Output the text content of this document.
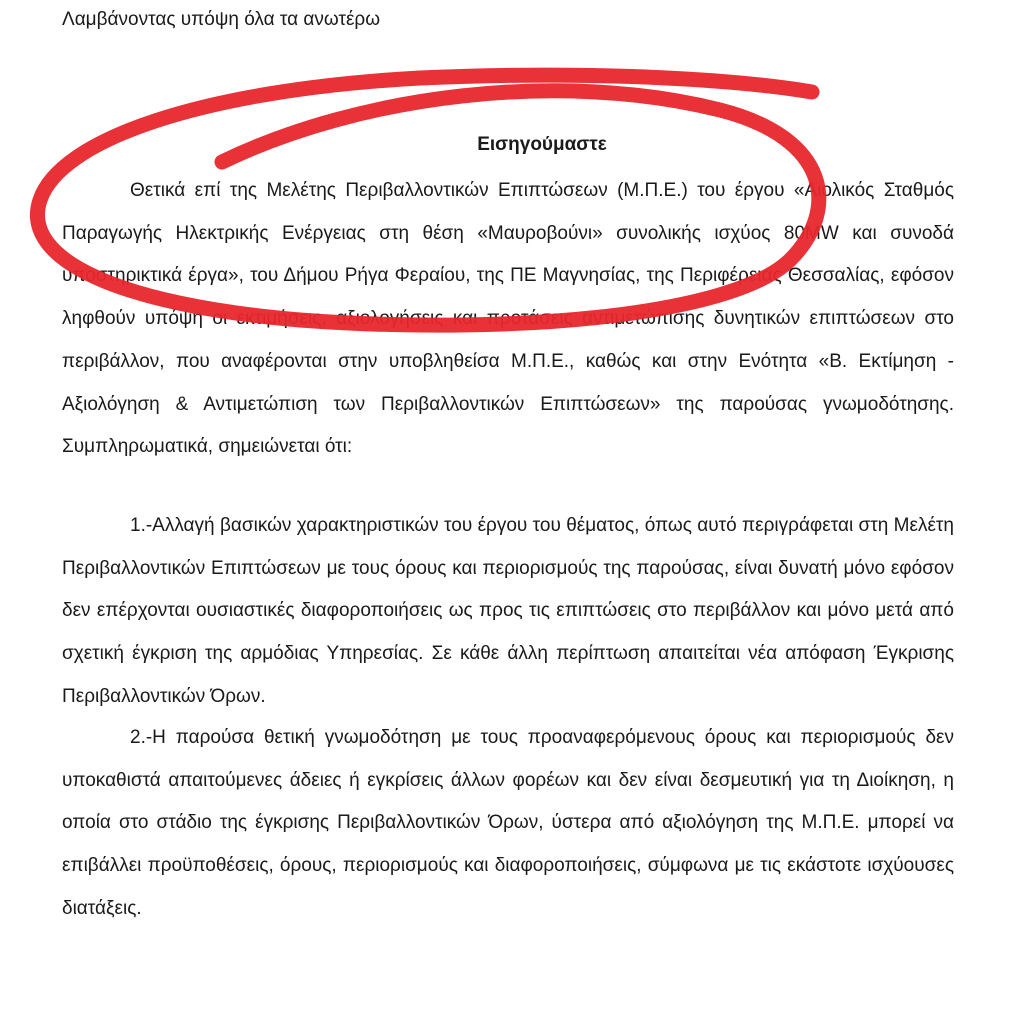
Λαμβάνοντας υπόψη όλα τα ανωτέρω
Εισηγούμαστε

Θετικά επί της Μελέτης Περιβαλλοντικών Επιπτώσεων (Μ.Π.Ε.) του έργου «Αιολικός Σταθμός Παραγωγής Ηλεκτρικής Ενέργειας στη θέση «Μαυροβούνι» συνολικής ισχύος 80MW και συνοδά υποστηρικτικά έργα», του Δήμου Ρήγα Φεραίου, της ΠΕ Μαγνησίας, της Περιφέρειας Θεσσαλίας, εφόσον ληφθούν υπόψη οι εκτιμήσεις, αξιολογήσεις και προτάσεις αντιμετώπισης δυνητικών επιπτώσεων στο περιβάλλον, που αναφέρονται στην υποβληθείσα Μ.Π.Ε., καθώς και στην Ενότητα «Β. Εκτίμηση - Αξιολόγηση & Αντιμετώπιση των Περιβαλλοντικών Επιπτώσεων» της παρούσας γνωμοδότησης. Συμπληρωματικά, σημειώνεται ότι:

1.-Αλλαγή βασικών χαρακτηριστικών του έργου του θέματος, όπως αυτό περιγράφεται στη Μελέτη Περιβαλλοντικών Επιπτώσεων με τους όρους και περιορισμούς της παρούσας, είναι δυνατή μόνο εφόσον δεν επέρχονται ουσιαστικές διαφοροποιήσεις ως προς τις επιπτώσεις στο περιβάλλον και μόνο μετά από σχετική έγκριση της αρμόδιας Υπηρεσίας. Σε κάθε άλλη περίπτωση απαιτείται νέα απόφαση Έγκρισης Περιβαλλοντικών Όρων.

2.-Η παρούσα θετική γνωμοδότηση με τους προαναφερόμενους όρους και περιορισμούς δεν υποκαθιστά απαιτούμενες άδειες ή εγκρίσεις άλλων φορέων και δεν είναι δεσμευτική για τη Διοίκηση, η οποία στο στάδιο της έγκρισης Περιβαλλοντικών Όρων, ύστερα από αξιολόγηση της Μ.Π.Ε. μπορεί να επιβάλλει προϋποθέσεις, όρους, περιορισμούς και διαφοροποιήσεις, σύμφωνα με τις εκάστοτε ισχύουσες διατάξεις.
